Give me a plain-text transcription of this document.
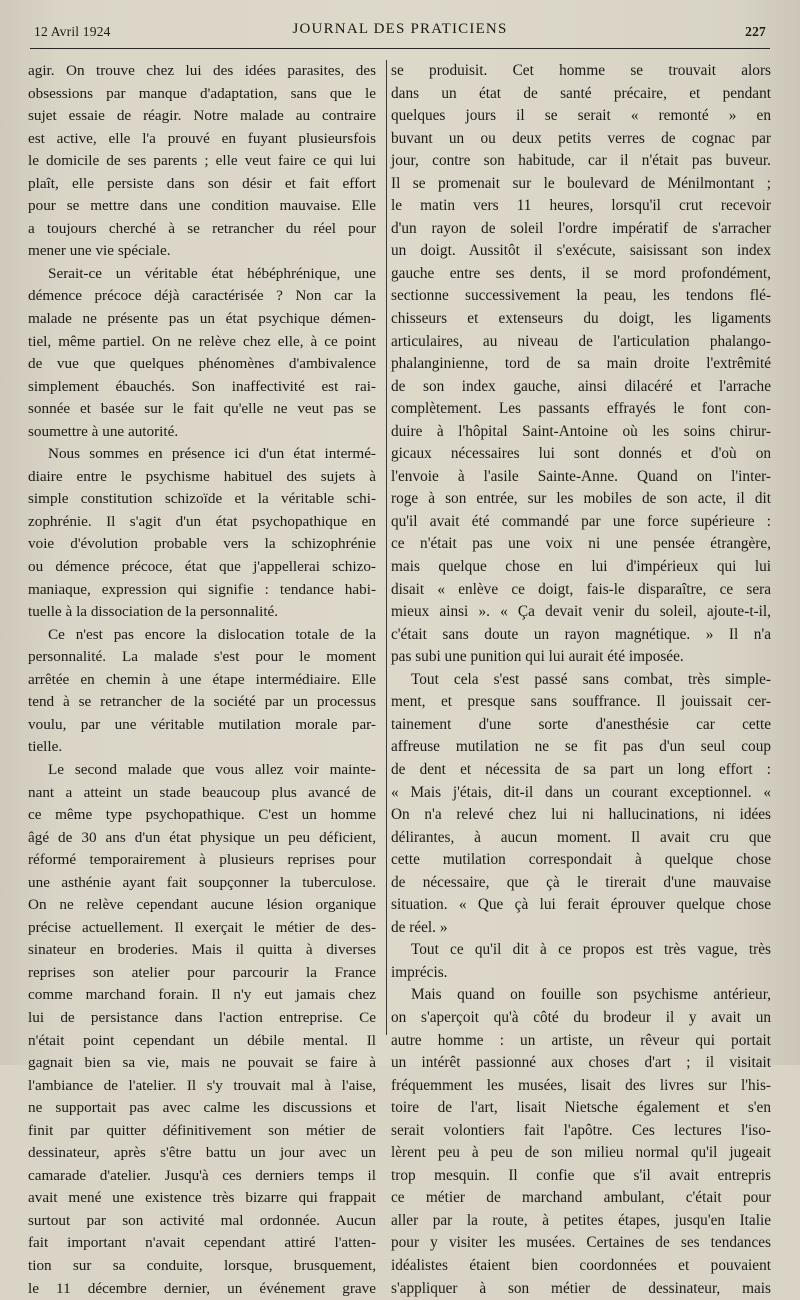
12 Avril 1924	JOURNAL DES PRATICIENS	227
agir. On trouve chez lui des idées parasites, des
obsessions par manque d'adaptation, sans que le
sujet essaie de réagir. Notre malade au contraire
est active, elle l'a prouvé en fuyant plusieursfois
le domicile de ses parents ; elle veut faire ce qui lui
plaît, elle persiste dans son désir et fait effort
pour se mettre dans une condition mauvaise. Elle
a toujours cherché à se retrancher du réel pour
mener une vie spéciale.
Serait-ce un véritable état hébéphrénique, une
démence précoce déjà caractérisée ? Non car la
malade ne présente pas un état psychique démen-
tiel, même partiel. On ne relève chez elle, à ce point
de vue que quelques phénomènes d'ambivalence
simplement ébauchés. Son inaffectivité est rai-
sonnée et basée sur le fait qu'elle ne veut pas se
soumettre à une autorité.
Nous sommes en présence ici d'un état intermé-
diaire entre le psychisme habituel des sujets à
simple constitution schizoïde et la véritable schi-
zophrénie. Il s'agit d'un état psychopathique en
voie d'évolution probable vers la schizophrénie
ou démence précoce, état que j'appellerai schizo-
maniaque, expression qui signifie : tendance habi-
tuelle à la dissociation de la personnalité.
Ce n'est pas encore la dislocation totale de la
personnalité. La malade s'est pour le moment
arrêtée en chemin à une étape intermédiaire. Elle
tend à se retrancher de la société par un processus
voulu, par une véritable mutilation morale par-
tielle.
Le second malade que vous allez voir mainte-
nant a atteint un stade beaucoup plus avancé de
ce même type psychopathique. C'est un homme
âgé de 30 ans d'un état physique un peu déficient,
réformé temporairement à plusieurs reprises pour
une asthénie ayant fait soupçonner la tuberculose.
On ne relève cependant aucune lésion organique
précise actuellement. Il exerçait le métier de des-
sinateur en broderies. Mais il quitta à diverses
reprises son atelier pour parcourir la France
comme marchand forain. Il n'y eut jamais chez
lui de persistance dans l'action entreprise. Ce
n'était point cependant un débile mental. Il
gagnait bien sa vie, mais ne pouvait se faire à
l'ambiance de l'atelier. Il s'y trouvait mal à l'aise,
ne supportait pas avec calme les discussions et
finit par quitter définitivement son métier de
dessinateur, après s'être battu un jour avec un
camarade d'atelier. Jusqu'à ces derniers temps il
avait mené une existence très bizarre qui frappait
surtout par son activité mal ordonnée. Aucun
fait important n'avait cependant attiré l'atten-
tion sur sa conduite, lorsque, brusquement,
le 11 décembre dernier, un événement grave
se produisit. Cet homme se trouvait alors
dans un état de santé précaire, et pendant
quelques jours il se serait « remonté » en
buvant un ou deux petits verres de cognac par
jour, contre son habitude, car il n'était pas buveur.
Il se promenait sur le boulevard de Ménilmontant ;
le matin vers 11 heures, lorsqu'il crut recevoir
d'un rayon de soleil l'ordre impératif de s'arracher
un doigt. Aussitôt il s'exécute, saisissant son index
gauche entre ses dents, il se mord profondément,
sectionne successivement la peau, les tendons flé-
chisseurs et extenseurs du doigt, les ligaments
articulaires, au niveau de l'articulation phalango-
phalanginienne, tord de sa main droite l'extrêmité
de son index gauche, ainsi dilacéré et l'arrache
complètement. Les passants effrayés le font con-
duire à l'hôpital Saint-Antoine où les soins chirur-
gicaux nécessaires lui sont donnés et d'où on
l'envoie à l'asile Sainte-Anne. Quand on l'inter-
roge à son entrée, sur les mobiles de son acte, il dit
qu'il avait été commandé par une force supérieure :
ce n'était pas une voix ni une pensée étrangère,
mais quelque chose en lui d'impérieux qui lui
disait « enlève ce doigt, fais-le disparaître, ce sera
mieux ainsi ». « Ça devait venir du soleil, ajoute-t-il,
c'était sans doute un rayon magnétique. » Il n'a
pas subi une punition qui lui aurait été imposée.
Tout cela s'est passé sans combat, très simple-
ment, et presque sans souffrance. Il jouissait cer-
tainement d'une sorte d'anesthésie car cette
affreuse mutilation ne se fit pas d'un seul coup
de dent et nécessita de sa part un long effort :
« Mais j'étais, dit-il dans un courant exceptionnel. «
On n'a relevé chez lui ni hallucinations, ni idées
délirantes, à aucun moment. Il avait cru que
cette mutilation correspondait à quelque chose
de nécessaire, que çà le tirerait d'une mauvaise
situation. « Que çà lui ferait éprouver quelque chose
de réel. »
Tout ce qu'il dit à ce propos est très vague, très
imprécis.
Mais quand on fouille son psychisme antérieur,
on s'aperçoit qu'à côté du brodeur il y avait un
autre homme : un artiste, un rêveur qui portait
un intérêt passionné aux choses d'art ; il visitait
fréquemment les musées, lisait des livres sur l'his-
toire de l'art, lisait Nietsche également et s'en
serait volontiers fait l'apôtre. Ces lectures l'iso-
lèrent peu à peu de son milieu normal qu'il jugeait
trop mesquin. Il confie que s'il avait entrepris
ce métier de marchand ambulant, c'était pour
aller par la route, à petites étapes, jusqu'en Italie
pour y visiter les musées. Certaines de ses tendances
idéalistes étaient bien coordonnées et pouvaient
s'appliquer à son métier de dessinateur, mais
